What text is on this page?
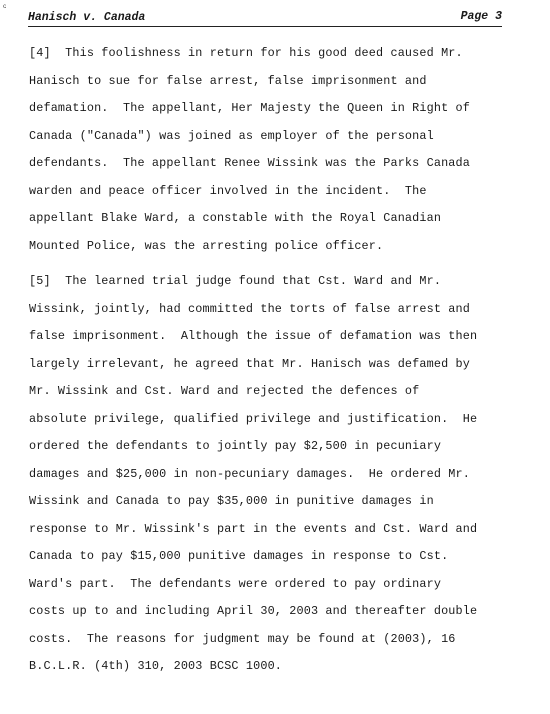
ᶜ
Hanisch v. Canada	Page 3
[4]  This foolishness in return for his good deed caused Mr.
Hanisch to sue for false arrest, false imprisonment and
defamation.  The appellant, Her Majesty the Queen in Right of
Canada ("Canada") was joined as employer of the personal
defendants.  The appellant Renee Wissink was the Parks Canada
warden and peace officer involved in the incident.  The
appellant Blake Ward, a constable with the Royal Canadian
Mounted Police, was the arresting police officer.
[5]  The learned trial judge found that Cst. Ward and Mr.
Wissink, jointly, had committed the torts of false arrest and
false imprisonment.  Although the issue of defamation was then
largely irrelevant, he agreed that Mr. Hanisch was defamed by
Mr. Wissink and Cst. Ward and rejected the defences of
absolute privilege, qualified privilege and justification.  He
ordered the defendants to jointly pay $2,500 in pecuniary
damages and $25,000 in non-pecuniary damages.  He ordered Mr.
Wissink and Canada to pay $35,000 in punitive damages in
response to Mr. Wissink's part in the events and Cst. Ward and
Canada to pay $15,000 punitive damages in response to Cst.
Ward's part.  The defendants were ordered to pay ordinary
costs up to and including April 30, 2003 and thereafter double
costs.  The reasons for judgment may be found at (2003), 16
B.C.L.R. (4th) 310, 2003 BCSC 1000.
